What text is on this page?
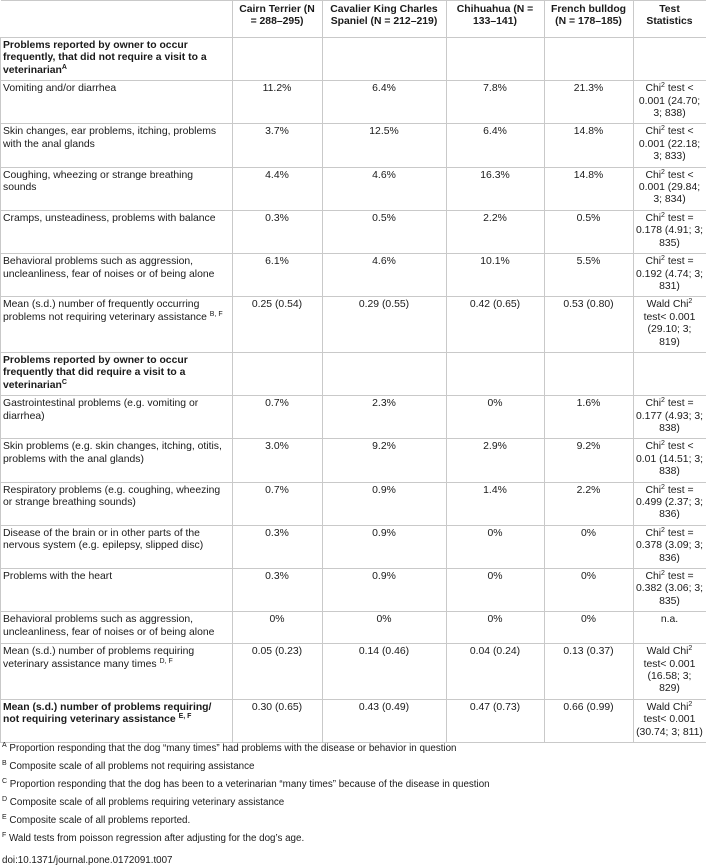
	Cairn Terrier (N = 288–295)	Cavalier King Charles Spaniel (N = 212–219)	Chihuahua (N = 133–141)	French bulldog (N = 178–185)	Test Statistics
Problems reported by owner to occur frequently, that did not require a visit to a veterinarian$^A$					
Vomiting and/or diarrhea	11.2%	6.4%	7.8%	21.3%	Chi$^2$ test < 0.001 (24.70; 3; 838)
Skin changes, ear problems, itching, problems with the anal glands	3.7%	12.5%	6.4%	14.8%	Chi$^2$ test < 0.001 (22.18; 3; 833)
Coughing, wheezing or strange breathing sounds	4.4%	4.6%	16.3%	14.8%	Chi$^2$ test < 0.001 (29.84; 3; 834)
Cramps, unsteadiness, problems with balance	0.3%	0.5%	2.2%	0.5%	Chi$^2$ test = 0.178 (4.91; 3; 835)
Behavioral problems such as aggression, uncleanliness, fear of noises or of being alone	6.1%	4.6%	10.1%	5.5%	Chi$^2$ test = 0.192 (4.74; 3; 831)
Mean (s.d.) number of frequently occurring problems not requiring veterinary assistance $^{B, F}$	0.25 (0.54)	0.29 (0.55)	0.42 (0.65)	0.53 (0.80)	Wald Chi$^2$ test< 0.001 (29.10; 3; 819)
Problems reported by owner to occur frequently that did require a visit to a veterinarian$^C$					
Gastrointestinal problems (e.g. vomiting or diarrhea)	0.7%	2.3%	0%	1.6%	Chi$^2$ test = 0.177 (4.93; 3; 838)
Skin problems (e.g. skin changes, itching, otitis, problems with the anal glands)	3.0%	9.2%	2.9%	9.2%	Chi$^2$ test < 0.01 (14.51; 3; 838)
Respiratory problems (e.g. coughing, wheezing or strange breathing sounds)	0.7%	0.9%	1.4%	2.2%	Chi$^2$ test = 0.499 (2.37; 3; 836)
Disease of the brain or in other parts of the nervous system (e.g. epilepsy, slipped disc)	0.3%	0.9%	0%	0%	Chi$^2$ test = 0.378 (3.09; 3; 836)
Problems with the heart	0.3%	0.9%	0%	0%	Chi$^2$ test = 0.382 (3.06; 3; 835)
Behavioral problems such as aggression, uncleanliness, fear of noises or of being alone	0%	0%	0%	0%	n.a.
Mean (s.d.) number of problems requiring veterinary assistance many times $^{D, F}$	0.05 (0.23)	0.14 (0.46)	0.04 (0.24)	0.13 (0.37)	Wald Chi$^2$ test< 0.001 (16.58; 3; 829)
Mean (s.d.) number of problems requiring/ not requiring veterinary assistance $^{E, F}$	0.30 (0.65)	0.43 (0.49)	0.47 (0.73)	0.66 (0.99)	Wald Chi$^2$ test< 0.001 (30.74; 3; 811)

$^A$ Proportion responding that the dog “many times” had problems with the disease or behavior in question

$^B$ Composite scale of all problems not requiring assistance

$^C$ Proportion responding that the dog has been to a veterinarian “many times” because of the disease in question

$^D$ Composite scale of all problems requiring veterinary assistance

$^E$ Composite scale of all problems reported.

$^F$ Wald tests from poisson regression after adjusting for the dog’s age.

doi:10.1371/journal.pone.0172091.t007
